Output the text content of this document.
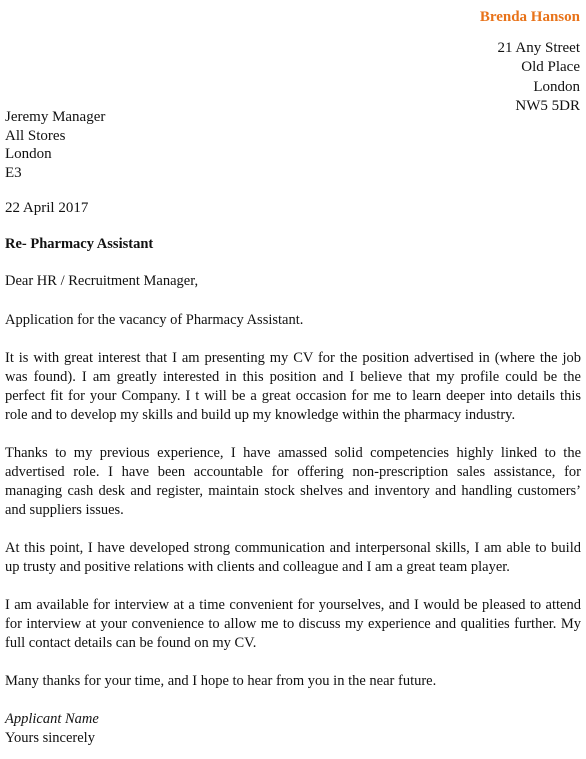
Brenda Hanson
21 Any Street
Old Place
London
NW5 5DR
Jeremy Manager
All Stores
London
E3
22 April 2017
Re- Pharmacy Assistant

Dear HR / Recruitment Manager,

Application for the vacancy of Pharmacy Assistant.

It is with great interest that I am presenting my CV for the position advertised in (where the job was found). I am greatly interested in this position and I believe that my profile could be the perfect fit for your Company. I t will be a great occasion for me to learn deeper into details this role and to develop my skills and build up my knowledge within the pharmacy industry.

Thanks to my previous experience, I have amassed solid competencies highly linked to the advertised role. I have been accountable for offering non-prescription sales assistance, for managing cash desk and register, maintain stock shelves and inventory and handling customers’ and suppliers issues.

At this point, I have developed strong communication and interpersonal skills, I am able to build up trusty and positive relations with clients and colleague and I am a great team player.

I am available for interview at a time convenient for yourselves, and I would be pleased to attend for interview at your convenience to allow me to discuss my experience and qualities further. My full contact details can be found on my CV.

Many thanks for your time, and I hope to hear from you in the near future.

Applicant Name
Yours sincerely
